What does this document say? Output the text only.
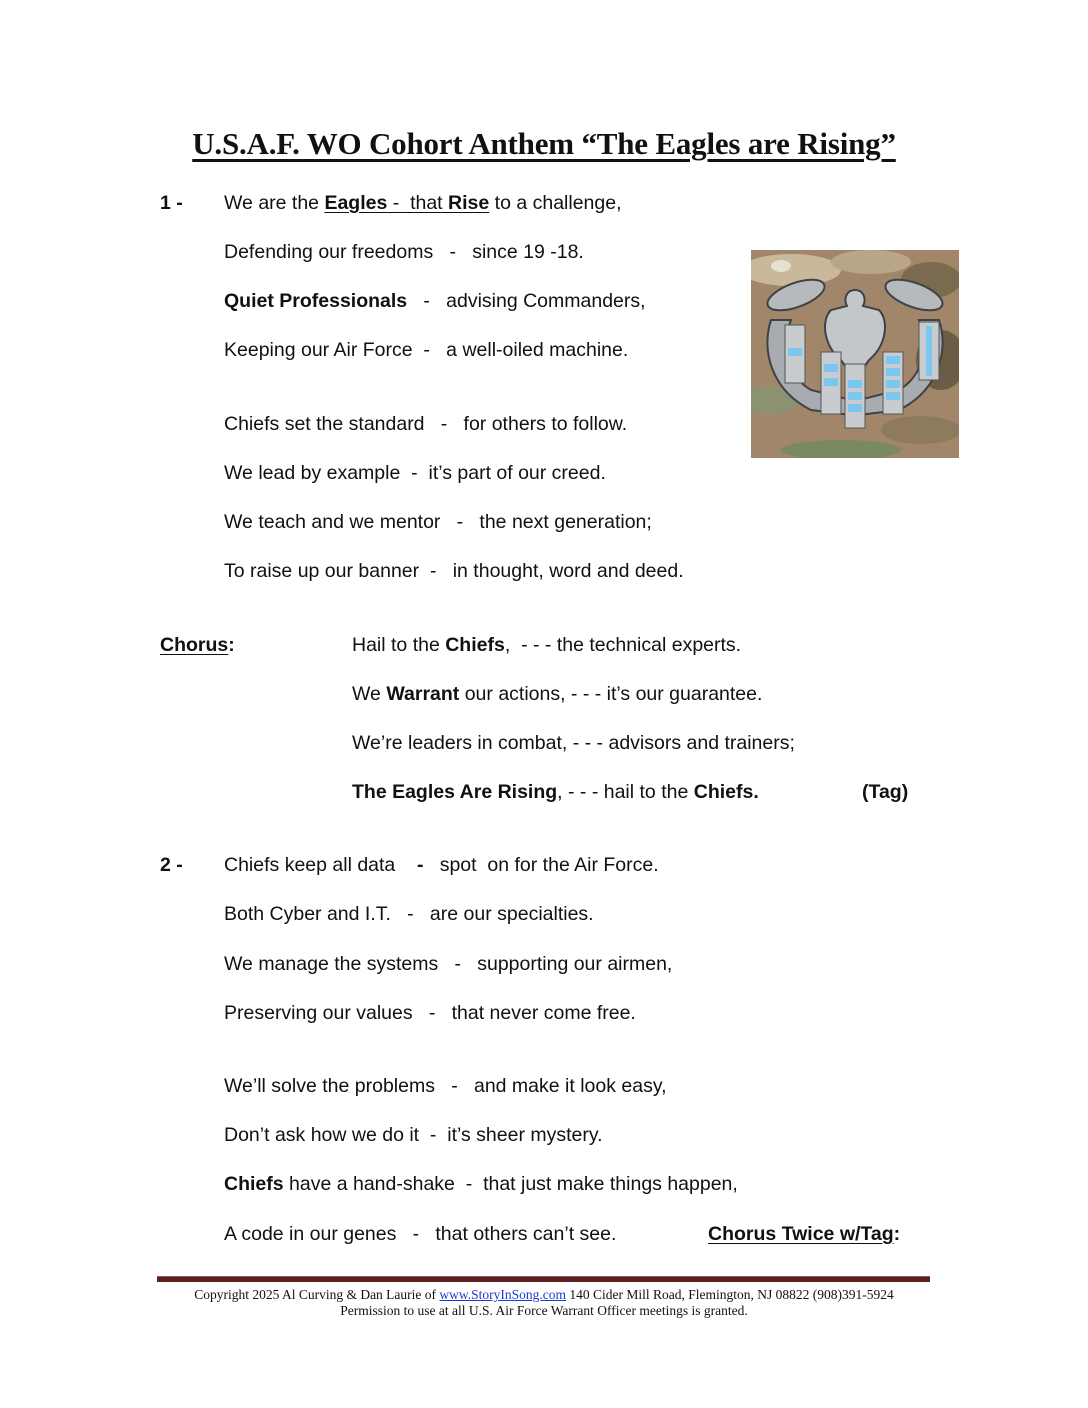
U.S.A.F. WO Cohort Anthem “The Eagles are Rising”
1 - We are the Eagles -  that Rise to a challenge,
Defending our freedoms   -   since 19 -18.
Quiet Professionals   -   advising Commanders,
Keeping our Air Force  -   a well-oiled machine.
Chiefs set the standard   -   for others to follow.
We lead by example  -  it’s part of our creed.
We teach and we mentor   -   the next generation;
To raise up our banner  -   in thought, word and deed.
Chorus:	Hail to the Chiefs,  - - - the technical experts.
We Warrant our actions, - - - it’s our guarantee.
We’re leaders in combat, - - - advisors and trainers;
The Eagles Are Rising, - - - hail to the Chiefs.	(Tag)
2 - Chiefs keep all data    -   spot  on for the Air Force.
Both Cyber and I.T.   -   are our specialties.
We manage the systems   -   supporting our airmen,
Preserving our values   -   that never come free.
We’ll solve the problems   -   and make it look easy,
Don’t ask how we do it  -  it’s sheer mystery.
Chiefs have a hand-shake  -  that just make things happen,
A code in our genes   -   that others can’t see.	Chorus Twice w/Tag:
Copyright 2025 Al Curving & Dan Laurie of www.StoryInSong.com 140 Cider Mill Road, Flemington, NJ 08822 (908)391-5924
Permission to use at all U.S. Air Force Warrant Officer meetings is granted.
